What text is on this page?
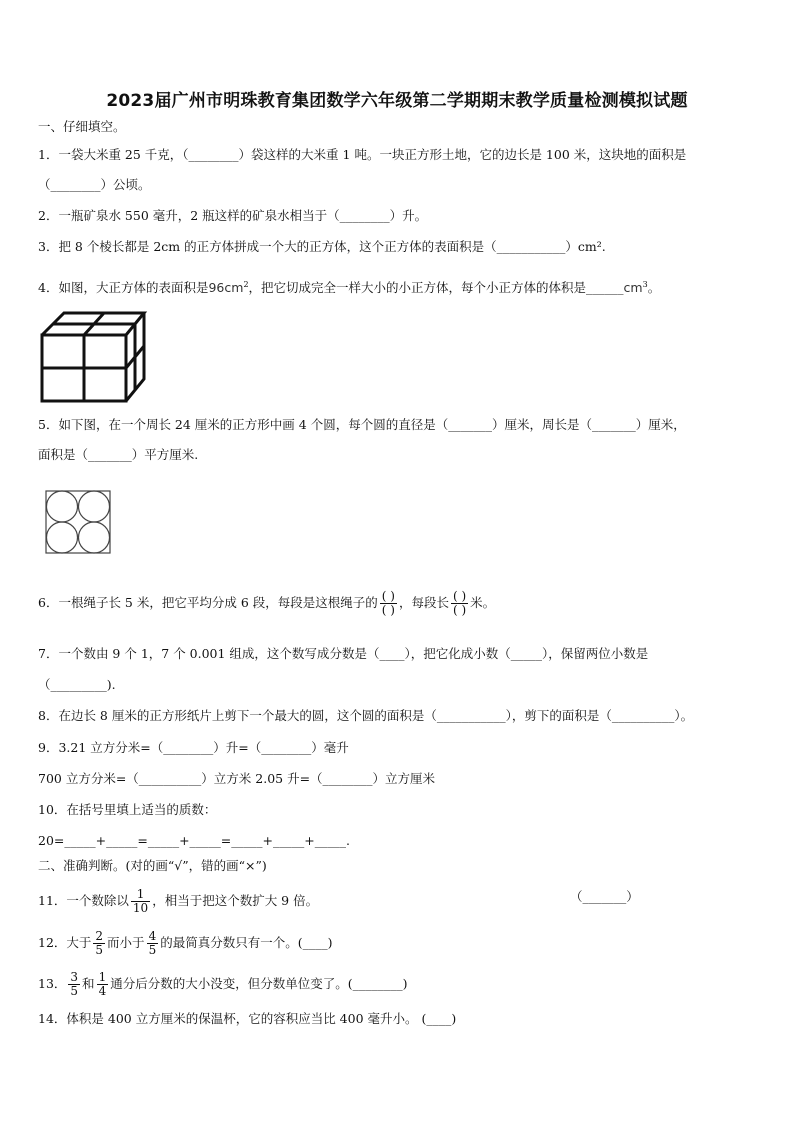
2023届广州市明珠教育集团数学六年级第二学期期末教学质量检测模拟试题
一、仔细填空。
1．一袋大米重 25 千克，（________）袋这样的大米重 1 吨。一块正方形土地，它的边长是 100 米，这块地的面积是
（________）公顷。
2．一瓶矿泉水 550 毫升，2 瓶这样的矿泉水相当于（________）升。
3．把 8 个棱长都是 2cm 的正方体拼成一个大的正方体，这个正方体的表面积是（___________）cm².
4．如图，大正方体的表面积是$96cm^2$，把它切成完全一样大小的小正方体，每个小正方体的体积是$\_\_\_\_\_\_cm^3$。
5．如下图，在一个周长 24 厘米的正方形中画 4 个圆，每个圆的直径是（_______）厘米，周长是（_______）厘米，
面积是（_______）平方厘米.
6．一根绳子长 5 米，把它平均分成 6 段，每段是这根绳子的 $\frac{( )}{( )}$ ，每段长 $\frac{( )}{( )}$ 米。
7．一个数由 9 个 1，7 个 0.001 组成，这个数写成分数是（____），把它化成小数（_____），保留两位小数是
（_________).
8．在边长 8 厘米的正方形纸片上剪下一个最大的圆，这个圆的面积是（___________），剪下的面积是（__________）。
9．3.21 立方分米=（________）升=（________）毫升
700 立方分米=（__________）立方米 2.05 升=（________）立方厘米
10．在括号里填上适当的质数：
20=_____+_____=_____+_____=_____+_____+_____.
二、准确判断。(对的画“√”，错的画“×”)
11．一个数除以 $\frac{1}{10}$ ，相当于把这个数扩大 9 倍。	（_______）
12．大于 $\frac{2}{5}$ 而小于 $\frac{4}{5}$ 的最简真分数只有一个。(____)
13． $\frac{3}{5}$ 和 $\frac{1}{4}$ 通分后分数的大小没变，但分数单位变了。(________)
14．体积是 400 立方厘米的保温杯，它的容积应当比 400 毫升小。 (____)
